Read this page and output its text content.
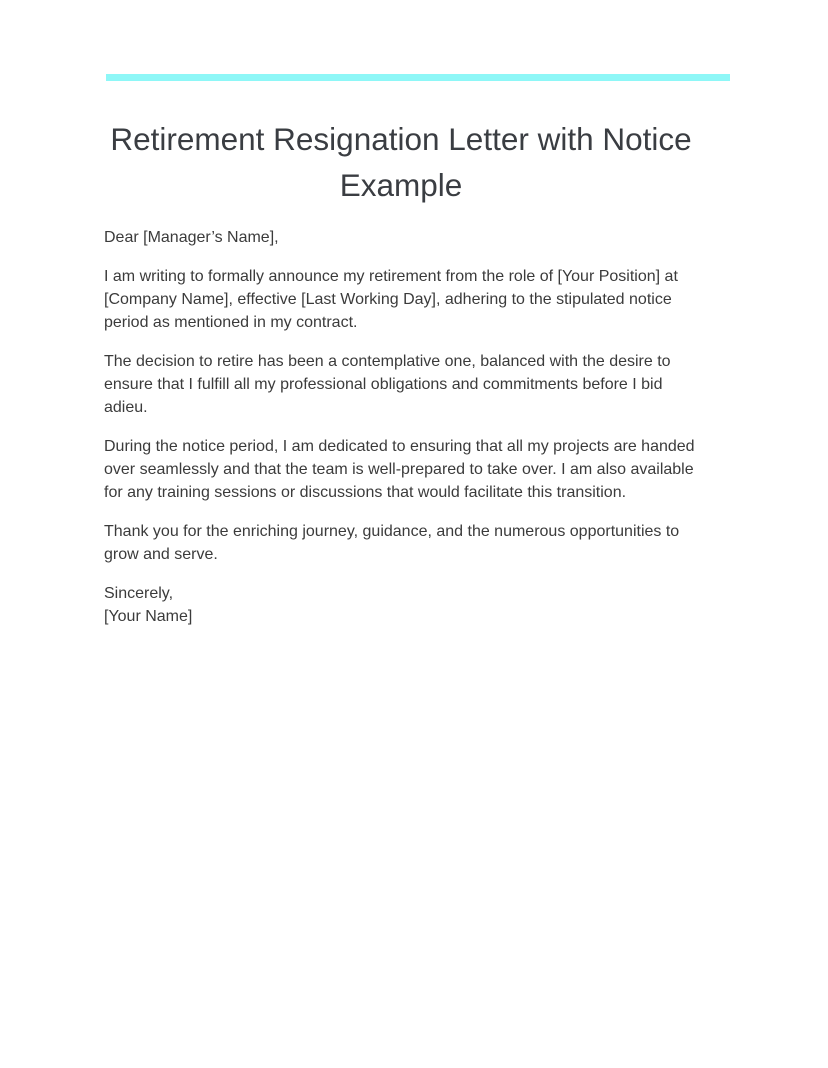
Retirement Resignation Letter with Notice Example

Dear [Manager’s Name],

I am writing to formally announce my retirement from the role of [Your Position] at [Company Name], effective [Last Working Day], adhering to the stipulated notice period as mentioned in my contract.

The decision to retire has been a contemplative one, balanced with the desire to ensure that I fulfill all my professional obligations and commitments before I bid adieu.

During the notice period, I am dedicated to ensuring that all my projects are handed over seamlessly and that the team is well-prepared to take over. I am also available for any training sessions or discussions that would facilitate this transition.

Thank you for the enriching journey, guidance, and the numerous opportunities to grow and serve.

Sincerely,
[Your Name]
